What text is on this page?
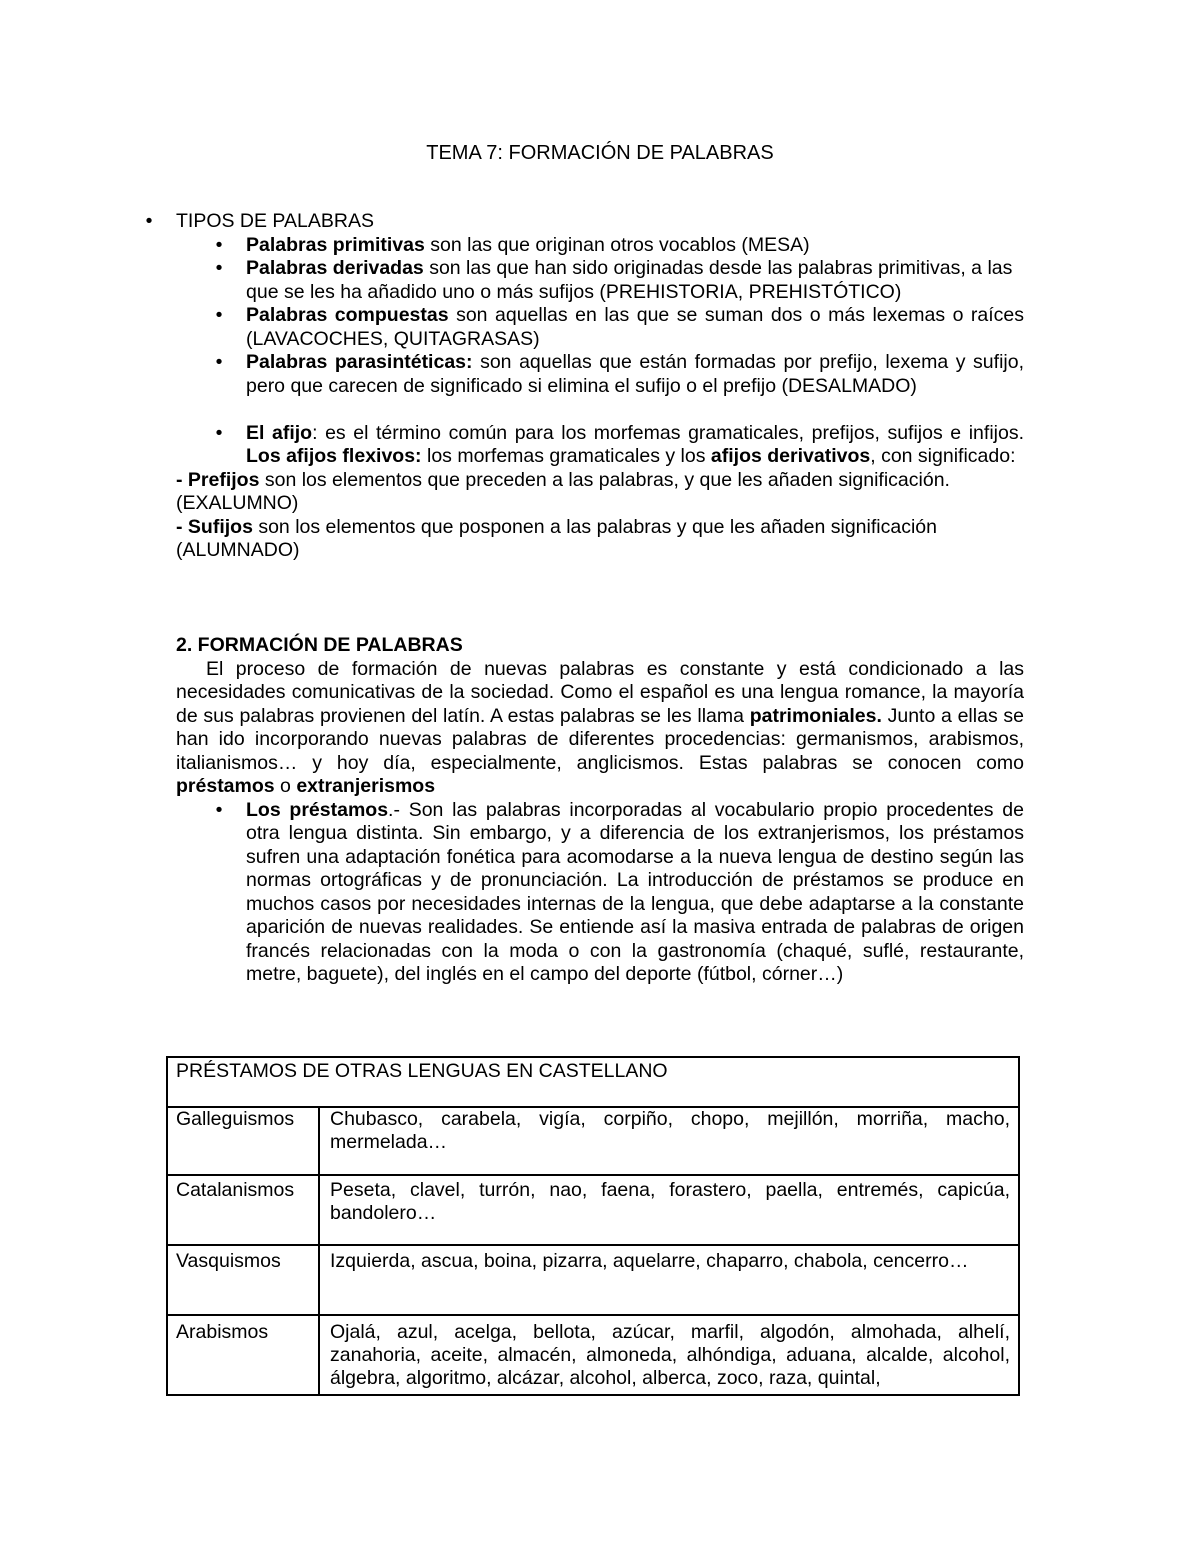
TEMA 7: FORMACIÓN DE PALABRAS
• TIPOS DE PALABRAS
• Palabras primitivas son las que originan otros vocablos (MESA)
• Palabras derivadas son las que han sido originadas desde las palabras primitivas, a las que se les ha añadido uno o más sufijos (PREHISTORIA, PREHISTÓTICO)
• Palabras compuestas son aquellas en las que se suman dos o más lexemas o raíces (LAVACOCHES, QUITAGRASAS)
• Palabras parasintéticas: son aquellas que están formadas por prefijo, lexema y sufijo, pero que carecen de significado si elimina el sufijo o el prefijo (DESALMADO)
• El afijo: es el término común para los morfemas gramaticales, prefijos, sufijos e infijos. Los afijos flexivos: los morfemas gramaticales y los afijos derivativos, con significado:
- Prefijos son los elementos que preceden a las palabras, y que les añaden significación. (EXALUMNO)
- Sufijos son los elementos que posponen a las palabras y que les añaden significación (ALUMNADO)
2. FORMACIÓN DE PALABRAS
El proceso de formación de nuevas palabras es constante y está condicionado a las necesidades comunicativas de la sociedad. Como el español es una lengua romance, la mayoría de sus palabras provienen del latín. A estas palabras se les llama patrimoniales. Junto a ellas se han ido incorporando nuevas palabras de diferentes procedencias: germanismos, arabismos, italianismos… y hoy día, especialmente, anglicismos. Estas palabras se conocen como préstamos o extranjerismos
• Los préstamos.- Son las palabras incorporadas al vocabulario propio procedentes de otra lengua distinta. Sin embargo, y a diferencia de los extranjerismos, los préstamos sufren una adaptación fonética para acomodarse a la nueva lengua de destino según las normas ortográficas y de pronunciación. La introducción de préstamos se produce en muchos casos por necesidades internas de la lengua, que debe adaptarse a la constante aparición de nuevas realidades. Se entiende así la masiva entrada de palabras de origen francés relacionadas con la moda o con la gastronomía (chaqué, suflé, restaurante, metre, baguete), del inglés en el campo del deporte (fútbol, córner…)
PRÉSTAMOS DE OTRAS LENGUAS EN CASTELLANO
Galleguismos Chubasco, carabela, vigía, corpiño, chopo, mejillón, morriña, macho, mermelada…
Catalanismos Peseta, clavel, turrón, nao, faena, forastero, paella, entremés, capicúa, bandolero…
Vasquismos	Izquierda, ascua, boina, pizarra, aquelarre, chaparro, chabola, cencerro…
Arabismos	Ojalá, azul, acelga, bellota, azúcar, marfil, algodón, almohada, alhelí, zanahoria, aceite, almacén, almoneda, alhóndiga, aduana, alcalde, alcohol, álgebra, algoritmo, alcázar, alcohol, alberca, zoco, raza, quintal,
